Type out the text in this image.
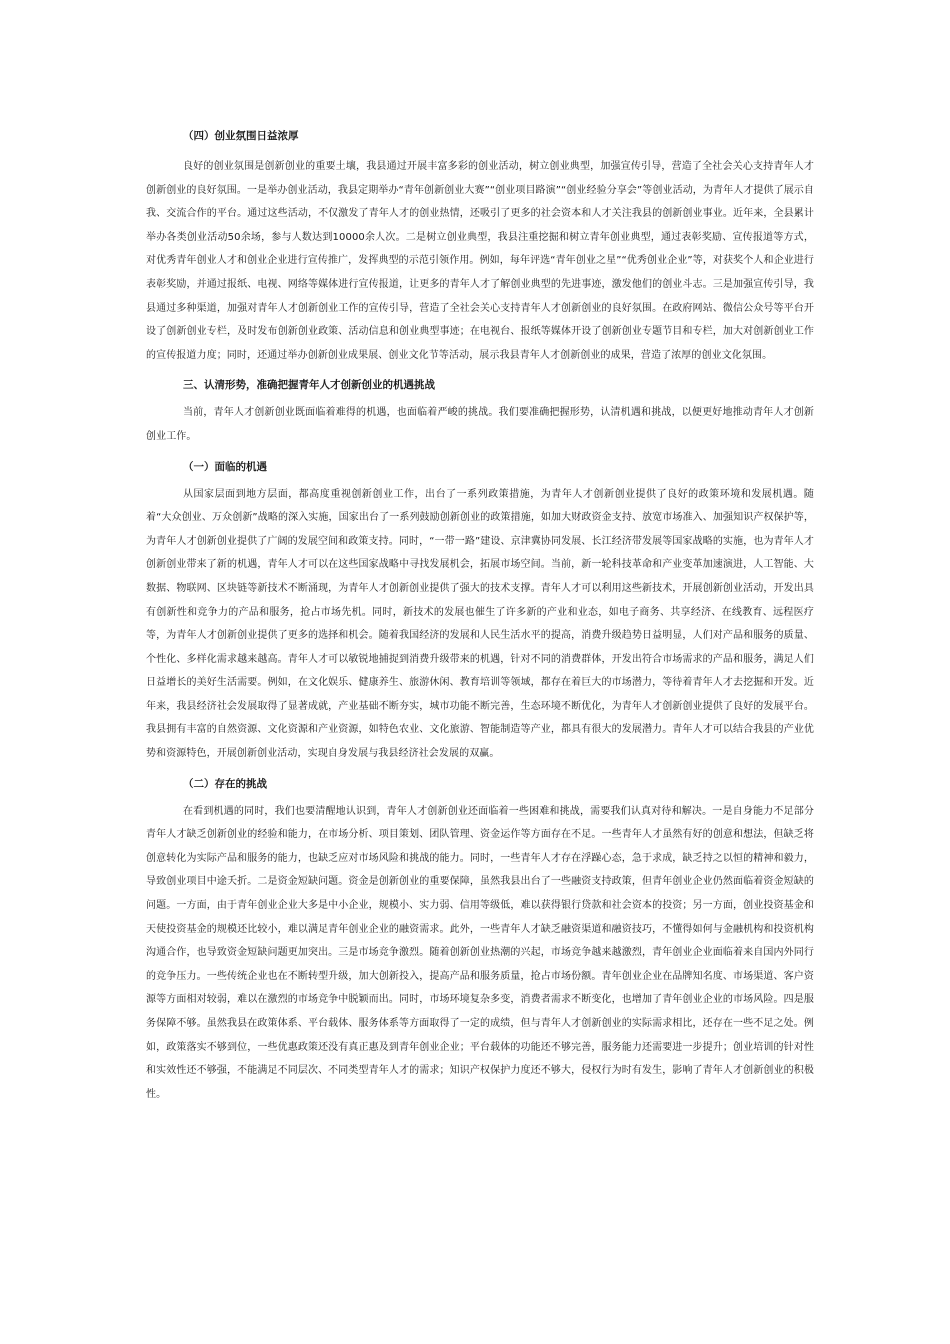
（四）创业氛围日益浓厚

良好的创业氛围是创新创业的重要土壤，我县通过开展丰富多彩的创业活动，树立创业典型，加强宣传引导，营造了全社会关心支持青年人才创新创业的良好氛围。一是举办创业活动，我县定期举办“青年创新创业大赛”“创业项目路演”“创业经验分享会”等创业活动，为青年人才提供了展示自我、交流合作的平台。通过这些活动，不仅激发了青年人才的创业热情，还吸引了更多的社会资本和人才关注我县的创新创业事业。近年来，全县累计举办各类创业活动50余场，参与人数达到10000余人次。二是树立创业典型，我县注重挖掘和树立青年创业典型，通过表彰奖励、宣传报道等方式，对优秀青年创业人才和创业企业进行宣传推广，发挥典型的示范引领作用。例如，每年评选“青年创业之星”“优秀创业企业”等，对获奖个人和企业进行表彰奖励，并通过报纸、电视、网络等媒体进行宣传报道，让更多的青年人才了解创业典型的先进事迹，激发他们的创业斗志。三是加强宣传引导，我县通过多种渠道，加强对青年人才创新创业工作的宣传引导，营造了全社会关心支持青年人才创新创业的良好氛围。在政府网站、微信公众号等平台开设了创新创业专栏，及时发布创新创业政策、活动信息和创业典型事迹；在电视台、报纸等媒体开设了创新创业专题节目和专栏，加大对创新创业工作的宣传报道力度；同时，还通过举办创新创业成果展、创业文化节等活动，展示我县青年人才创新创业的成果，营造了浓厚的创业文化氛围。

三、认清形势，准确把握青年人才创新创业的机遇挑战

当前，青年人才创新创业既面临着难得的机遇，也面临着严峻的挑战。我们要准确把握形势，认清机遇和挑战，以便更好地推动青年人才创新创业工作。

（一）面临的机遇

从国家层面到地方层面，都高度重视创新创业工作，出台了一系列政策措施，为青年人才创新创业提供了良好的政策环境和发展机遇。随着“大众创业、万众创新”战略的深入实施，国家出台了一系列鼓励创新创业的政策措施，如加大财政资金支持、放宽市场准入、加强知识产权保护等，为青年人才创新创业提供了广阔的发展空间和政策支持。同时，“一带一路”建设、京津冀协同发展、长江经济带发展等国家战略的实施，也为青年人才创新创业带来了新的机遇，青年人才可以在这些国家战略中寻找发展机会，拓展市场空间。当前，新一轮科技革命和产业变革加速演进，人工智能、大数据、物联网、区块链等新技术不断涌现，为青年人才创新创业提供了强大的技术支撑。青年人才可以利用这些新技术，开展创新创业活动，开发出具有创新性和竞争力的产品和服务，抢占市场先机。同时，新技术的发展也催生了许多新的产业和业态，如电子商务、共享经济、在线教育、远程医疗等，为青年人才创新创业提供了更多的选择和机会。随着我国经济的发展和人民生活水平的提高，消费升级趋势日益明显，人们对产品和服务的质量、个性化、多样化需求越来越高。青年人才可以敏锐地捕捉到消费升级带来的机遇，针对不同的消费群体，开发出符合市场需求的产品和服务，满足人们日益增长的美好生活需要。例如，在文化娱乐、健康养生、旅游休闲、教育培训等领域，都存在着巨大的市场潜力，等待着青年人才去挖掘和开发。近年来，我县经济社会发展取得了显著成就，产业基础不断夯实，城市功能不断完善，生态环境不断优化，为青年人才创新创业提供了良好的发展平台。我县拥有丰富的自然资源、文化资源和产业资源，如特色农业、文化旅游、智能制造等产业，都具有很大的发展潜力。青年人才可以结合我县的产业优势和资源特色，开展创新创业活动，实现自身发展与我县经济社会发展的双赢。

（二）存在的挑战

在看到机遇的同时，我们也要清醒地认识到，青年人才创新创业还面临着一些困难和挑战，需要我们认真对待和解决。一是自身能力不足部分青年人才缺乏创新创业的经验和能力，在市场分析、项目策划、团队管理、资金运作等方面存在不足。一些青年人才虽然有好的创意和想法，但缺乏将创意转化为实际产品和服务的能力，也缺乏应对市场风险和挑战的能力。同时，一些青年人才存在浮躁心态，急于求成，缺乏持之以恒的精神和毅力，导致创业项目中途夭折。二是资金短缺问题。资金是创新创业的重要保障，虽然我县出台了一些融资支持政策，但青年创业企业仍然面临着资金短缺的问题。一方面，由于青年创业企业大多是中小企业，规模小、实力弱、信用等级低，难以获得银行贷款和社会资本的投资；另一方面，创业投资基金和天使投资基金的规模还比较小，难以满足青年创业企业的融资需求。此外，一些青年人才缺乏融资渠道和融资技巧，不懂得如何与金融机构和投资机构沟通合作，也导致资金短缺问题更加突出。三是市场竞争激烈。随着创新创业热潮的兴起，市场竞争越来越激烈，青年创业企业面临着来自国内外同行的竞争压力。一些传统企业也在不断转型升级，加大创新投入，提高产品和服务质量，抢占市场份额。青年创业企业在品牌知名度、市场渠道、客户资源等方面相对较弱，难以在激烈的市场竞争中脱颖而出。同时，市场环境复杂多变，消费者需求不断变化，也增加了青年创业企业的市场风险。四是服务保障不够。虽然我县在政策体系、平台载体、服务体系等方面取得了一定的成绩，但与青年人才创新创业的实际需求相比，还存在一些不足之处。例如，政策落实不够到位，一些优惠政策还没有真正惠及到青年创业企业；平台载体的功能还不够完善，服务能力还需要进一步提升；创业培训的针对性和实效性还不够强，不能满足不同层次、不同类型青年人才的需求；知识产权保护力度还不够大，侵权行为时有发生，影响了青年人才创新创业的积极性。
